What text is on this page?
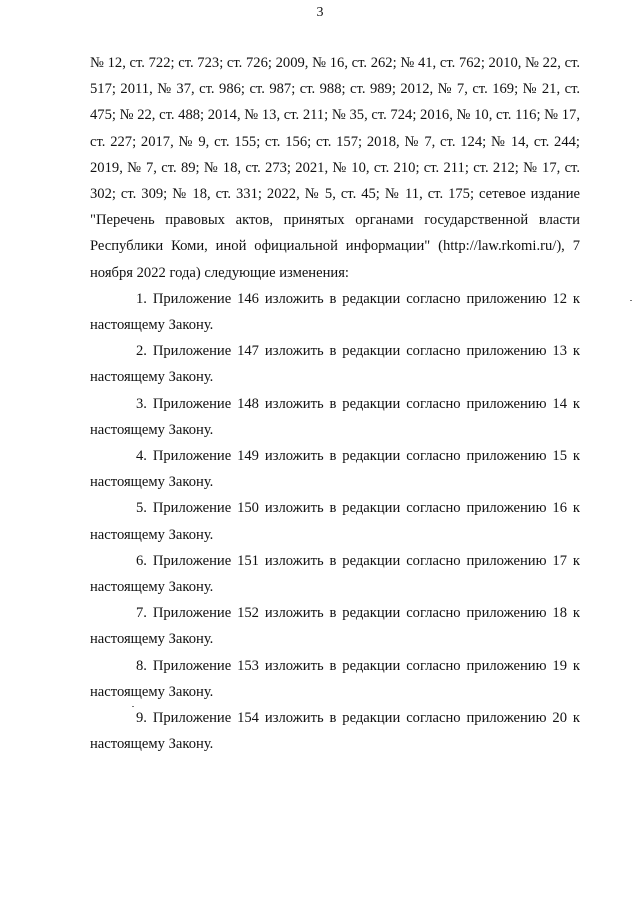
3

№ 12, ст. 722; ст. 723; ст. 726; 2009, № 16, ст. 262; № 41, ст. 762; 2010, № 22, ст. 517; 2011, № 37, ст. 986; ст. 987; ст. 988; ст. 989; 2012, № 7, ст. 169; № 21, ст. 475; № 22, ст. 488; 2014, № 13, ст. 211; № 35, ст. 724; 2016, № 10, ст. 116; № 17, ст. 227; 2017, № 9, ст. 155; ст. 156; ст. 157; 2018, № 7, ст. 124; № 14, ст. 244; 2019, № 7, ст. 89; № 18, ст. 273; 2021, № 10, ст. 210; ст. 211; ст. 212; № 17, ст. 302; ст. 309; № 18, ст. 331; 2022, № 5, ст. 45; № 11, ст. 175; сетевое издание "Перечень правовых актов, принятых органами государственной власти Республики Коми, иной официальной информации" (http://law.rkomi.ru/), 7 ноября 2022 года) следующие изменения:

1. Приложение 146 изложить в редакции согласно приложению 12 к настоящему Закону.

2. Приложение 147 изложить в редакции согласно приложению 13 к настоящему Закону.

3. Приложение 148 изложить в редакции согласно приложению 14 к настоящему Закону.

4. Приложение 149 изложить в редакции согласно приложению 15 к настоящему Закону.

5. Приложение 150 изложить в редакции согласно приложению 16 к настоящему Закону.

6. Приложение 151 изложить в редакции согласно приложению 17 к настоящему Закону.

7. Приложение 152 изложить в редакции согласно приложению 18 к настоящему Закону.

8. Приложение 153 изложить в редакции согласно приложению 19 к настоящему Закону.

9. Приложение 154 изложить в редакции согласно приложению 20 к настоящему Закону.
